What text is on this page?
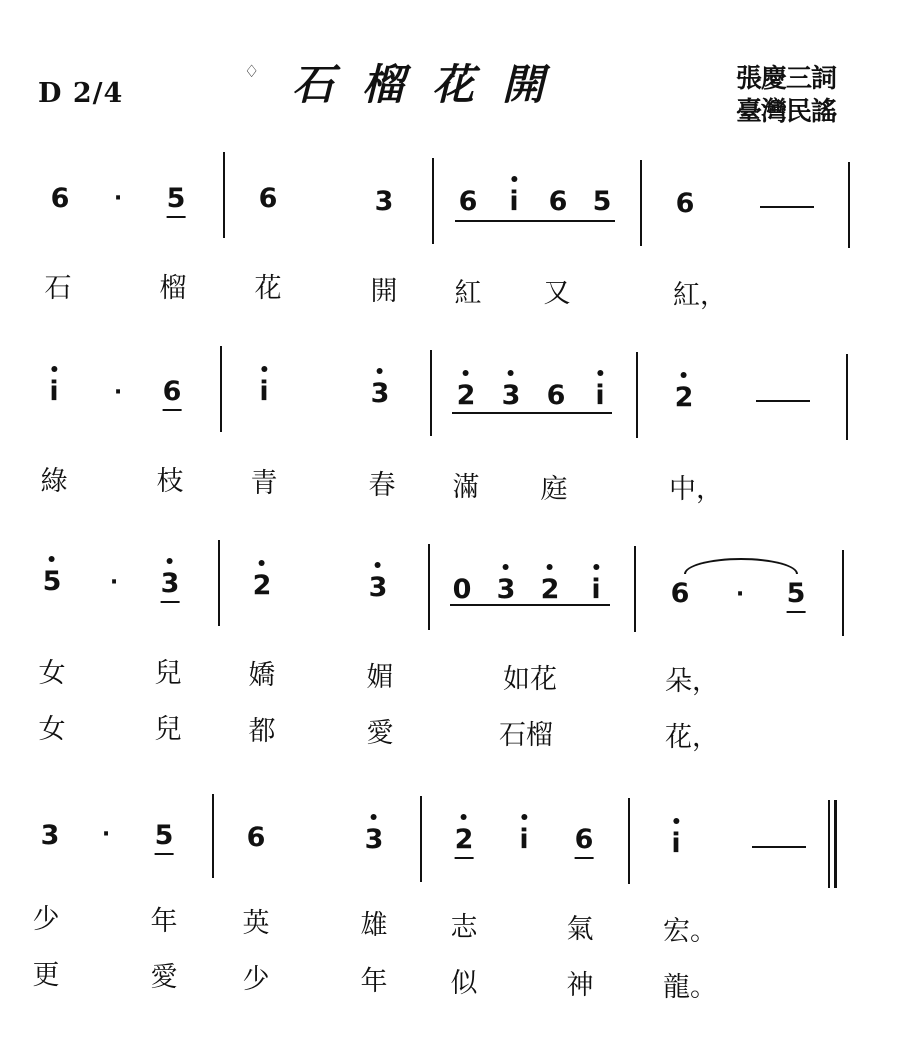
D 2/4
♢ 石榴花開	張慶三詞
臺灣民謠
6 · 5	6	3 6 i 6 5 6
石	榴	花	開 紅 又	紅，
i	· 6	i	3 2 3 6 i	2
綠	枝 青	春 滿 庭	中，
5 · 3	2	3 0 3 2 i	6 · 5
女	兒 嬌	媚	如花	朵，
女	兒 都	愛	石榴	花，
3 · 5	6	3	2 i 6	i
少	年 英	雄 志	氣	宏。
更	愛 少	年 似	神	龍。
